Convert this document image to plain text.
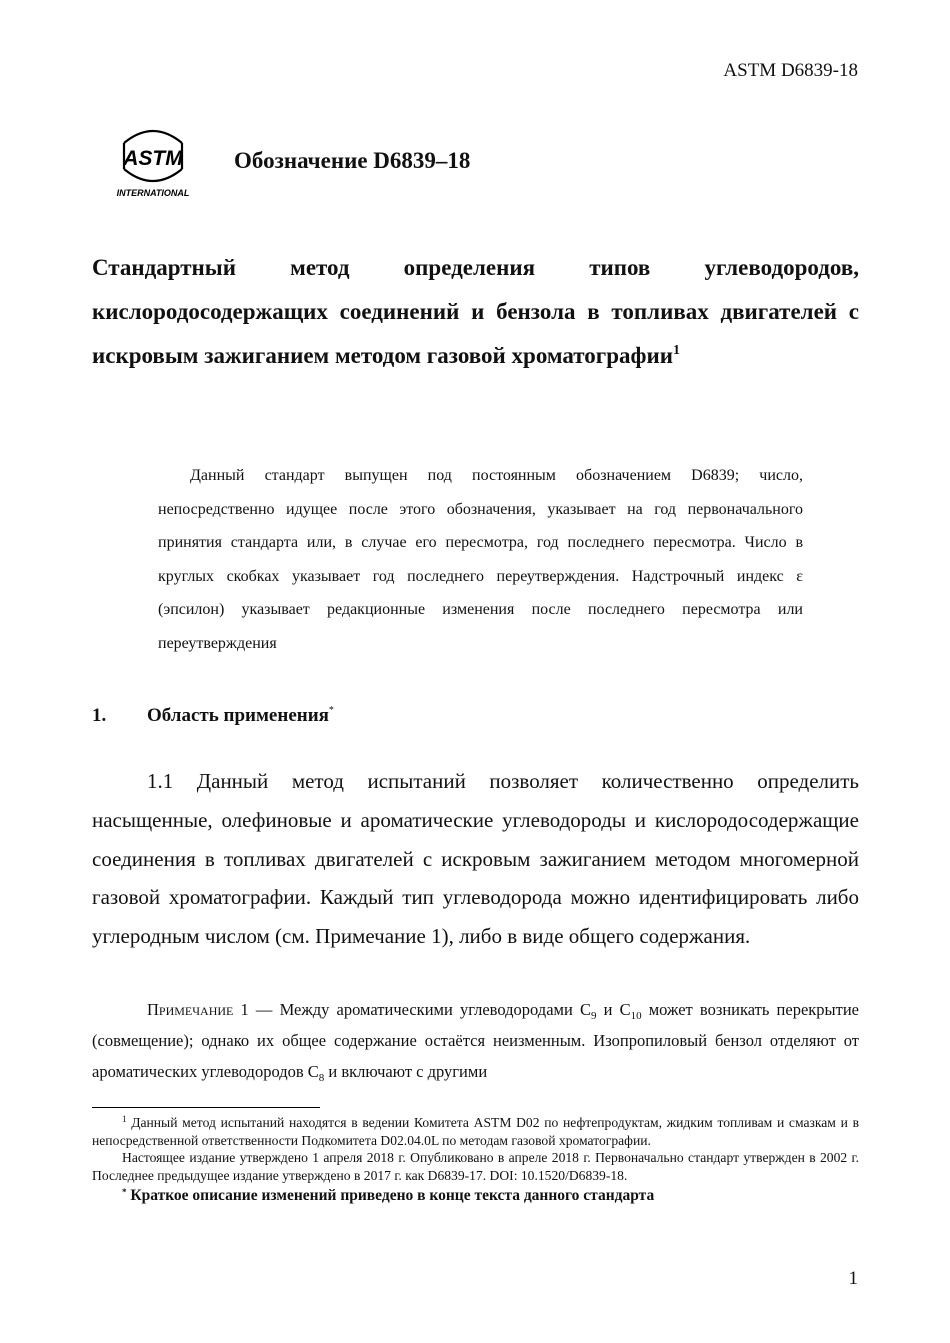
ASTM D6839-18
ASTM
INTERNATIONAL
Обозначение D6839–18
Стандартный метод определения типов углеводородов, кислородосодержащих соединений и бензола в топливах двигателей с искровым зажиганием методом газовой хроматографии$^1$
Данный стандарт выпущен под постоянным обозначением D6839; число, непосредственно идущее после этого обозначения, указывает на год первоначального принятия стандарта или, в случае его пересмотра, год последнего пересмотра. Число в круглых скобках указывает год последнего переутверждения. Надстрочный индекс ε (эпсилон) указывает редакционные изменения после последнего пересмотра или переутверждения
1. Область применения*
1.1 Данный метод испытаний позволяет количественно определить насыщенные, олефиновые и ароматические углеводороды и кислородосодержащие соединения в топливах двигателей с искровым зажиганием методом многомерной газовой хроматографии. Каждый тип углеводорода можно идентифицировать либо углеродным числом (см. Примечание 1), либо в виде общего содержания.
Примечание 1 — Между ароматическими углеводородами $C_9$ и $C_{10}$ может возникать перекрытие (совмещение); однако их общее содержание остаётся неизменным. Изопропиловый бензол отделяют от ароматических углеводородов $C_8$ и включают с другими

$^1$ Данный метод испытаний находятся в ведении Комитета ASTM D02 по нефтепродуктам, жидким топливам и смазкам и в непосредственной ответственности Подкомитета D02.04.0L по методам газовой хроматографии.

Настоящее издание утверждено 1 апреля 2018 г. Опубликовано в апреле 2018 г. Первоначально стандарт утвержден в 2002 г. Последнее предыдущее издание утверждено в 2017 г. как D6839-17. DOI: 10.1520/D6839-18.

* Краткое описание изменений приведено в конце текста данного стандарта

1
